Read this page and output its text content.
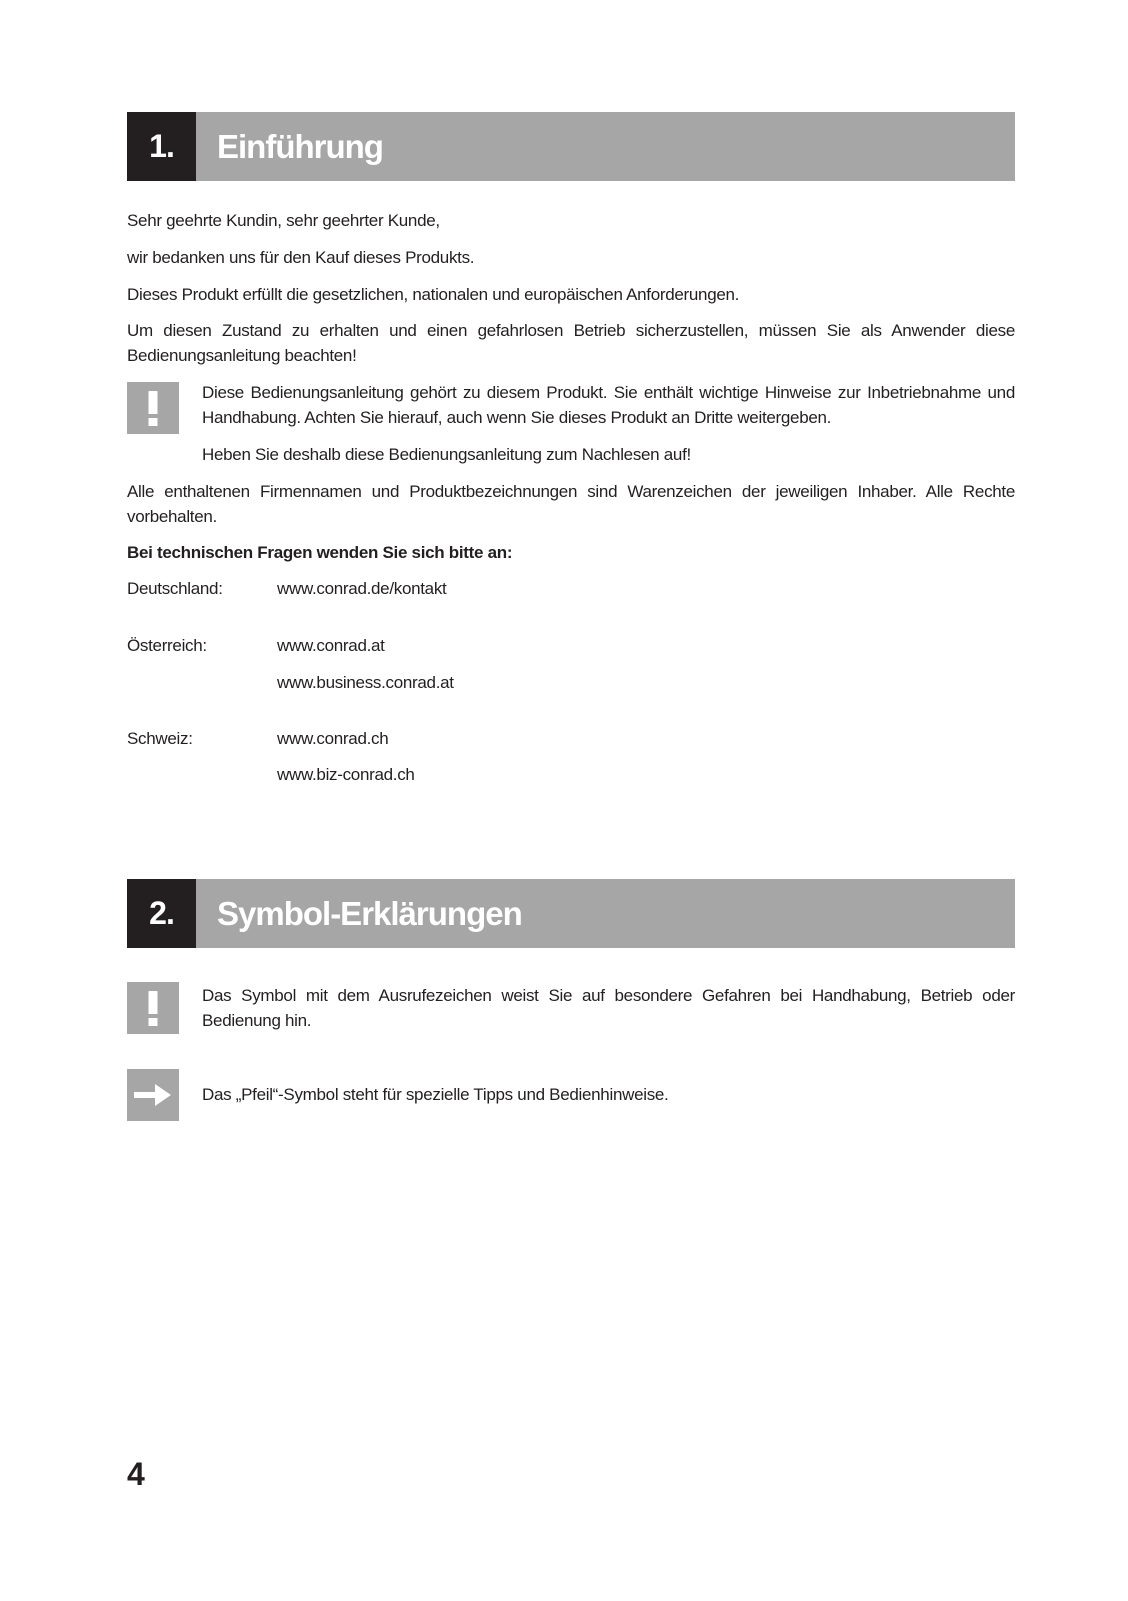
1.	Einführung
Sehr geehrte Kundin, sehr geehrter Kunde,
wir bedanken uns für den Kauf dieses Produkts.
Dieses Produkt erfüllt die gesetzlichen, nationalen und europäischen Anforderungen.
Um diesen Zustand zu erhalten und einen gefahrlosen Betrieb sicherzustellen, müssen Sie als Anwender diese Bedienungsanleitung beachten!
Diese Bedienungsanleitung gehört zu diesem Produkt. Sie enthält wichtige Hinweise zur Inbetriebnahme und Handhabung. Achten Sie hierauf, auch wenn Sie dieses Produkt an Dritte weitergeben.
Heben Sie deshalb diese Bedienungsanleitung zum Nachlesen auf!
Alle enthaltenen Firmennamen und Produktbezeichnungen sind Warenzeichen der jeweiligen Inhaber. Alle Rechte vorbehalten.
Bei technischen Fragen wenden Sie sich bitte an:
Deutschland:	www.conrad.de/kontakt
Österreich:	www.conrad.at
www.business.conrad.at
Schweiz:	www.conrad.ch
www.biz-conrad.ch
2.	Symbol-Erklärungen
Das Symbol mit dem Ausrufezeichen weist Sie auf besondere Gefahren bei Handhabung, Betrieb oder Bedienung hin.
Das „Pfeil“-Symbol steht für spezielle Tipps und Bedienhinweise.
4
